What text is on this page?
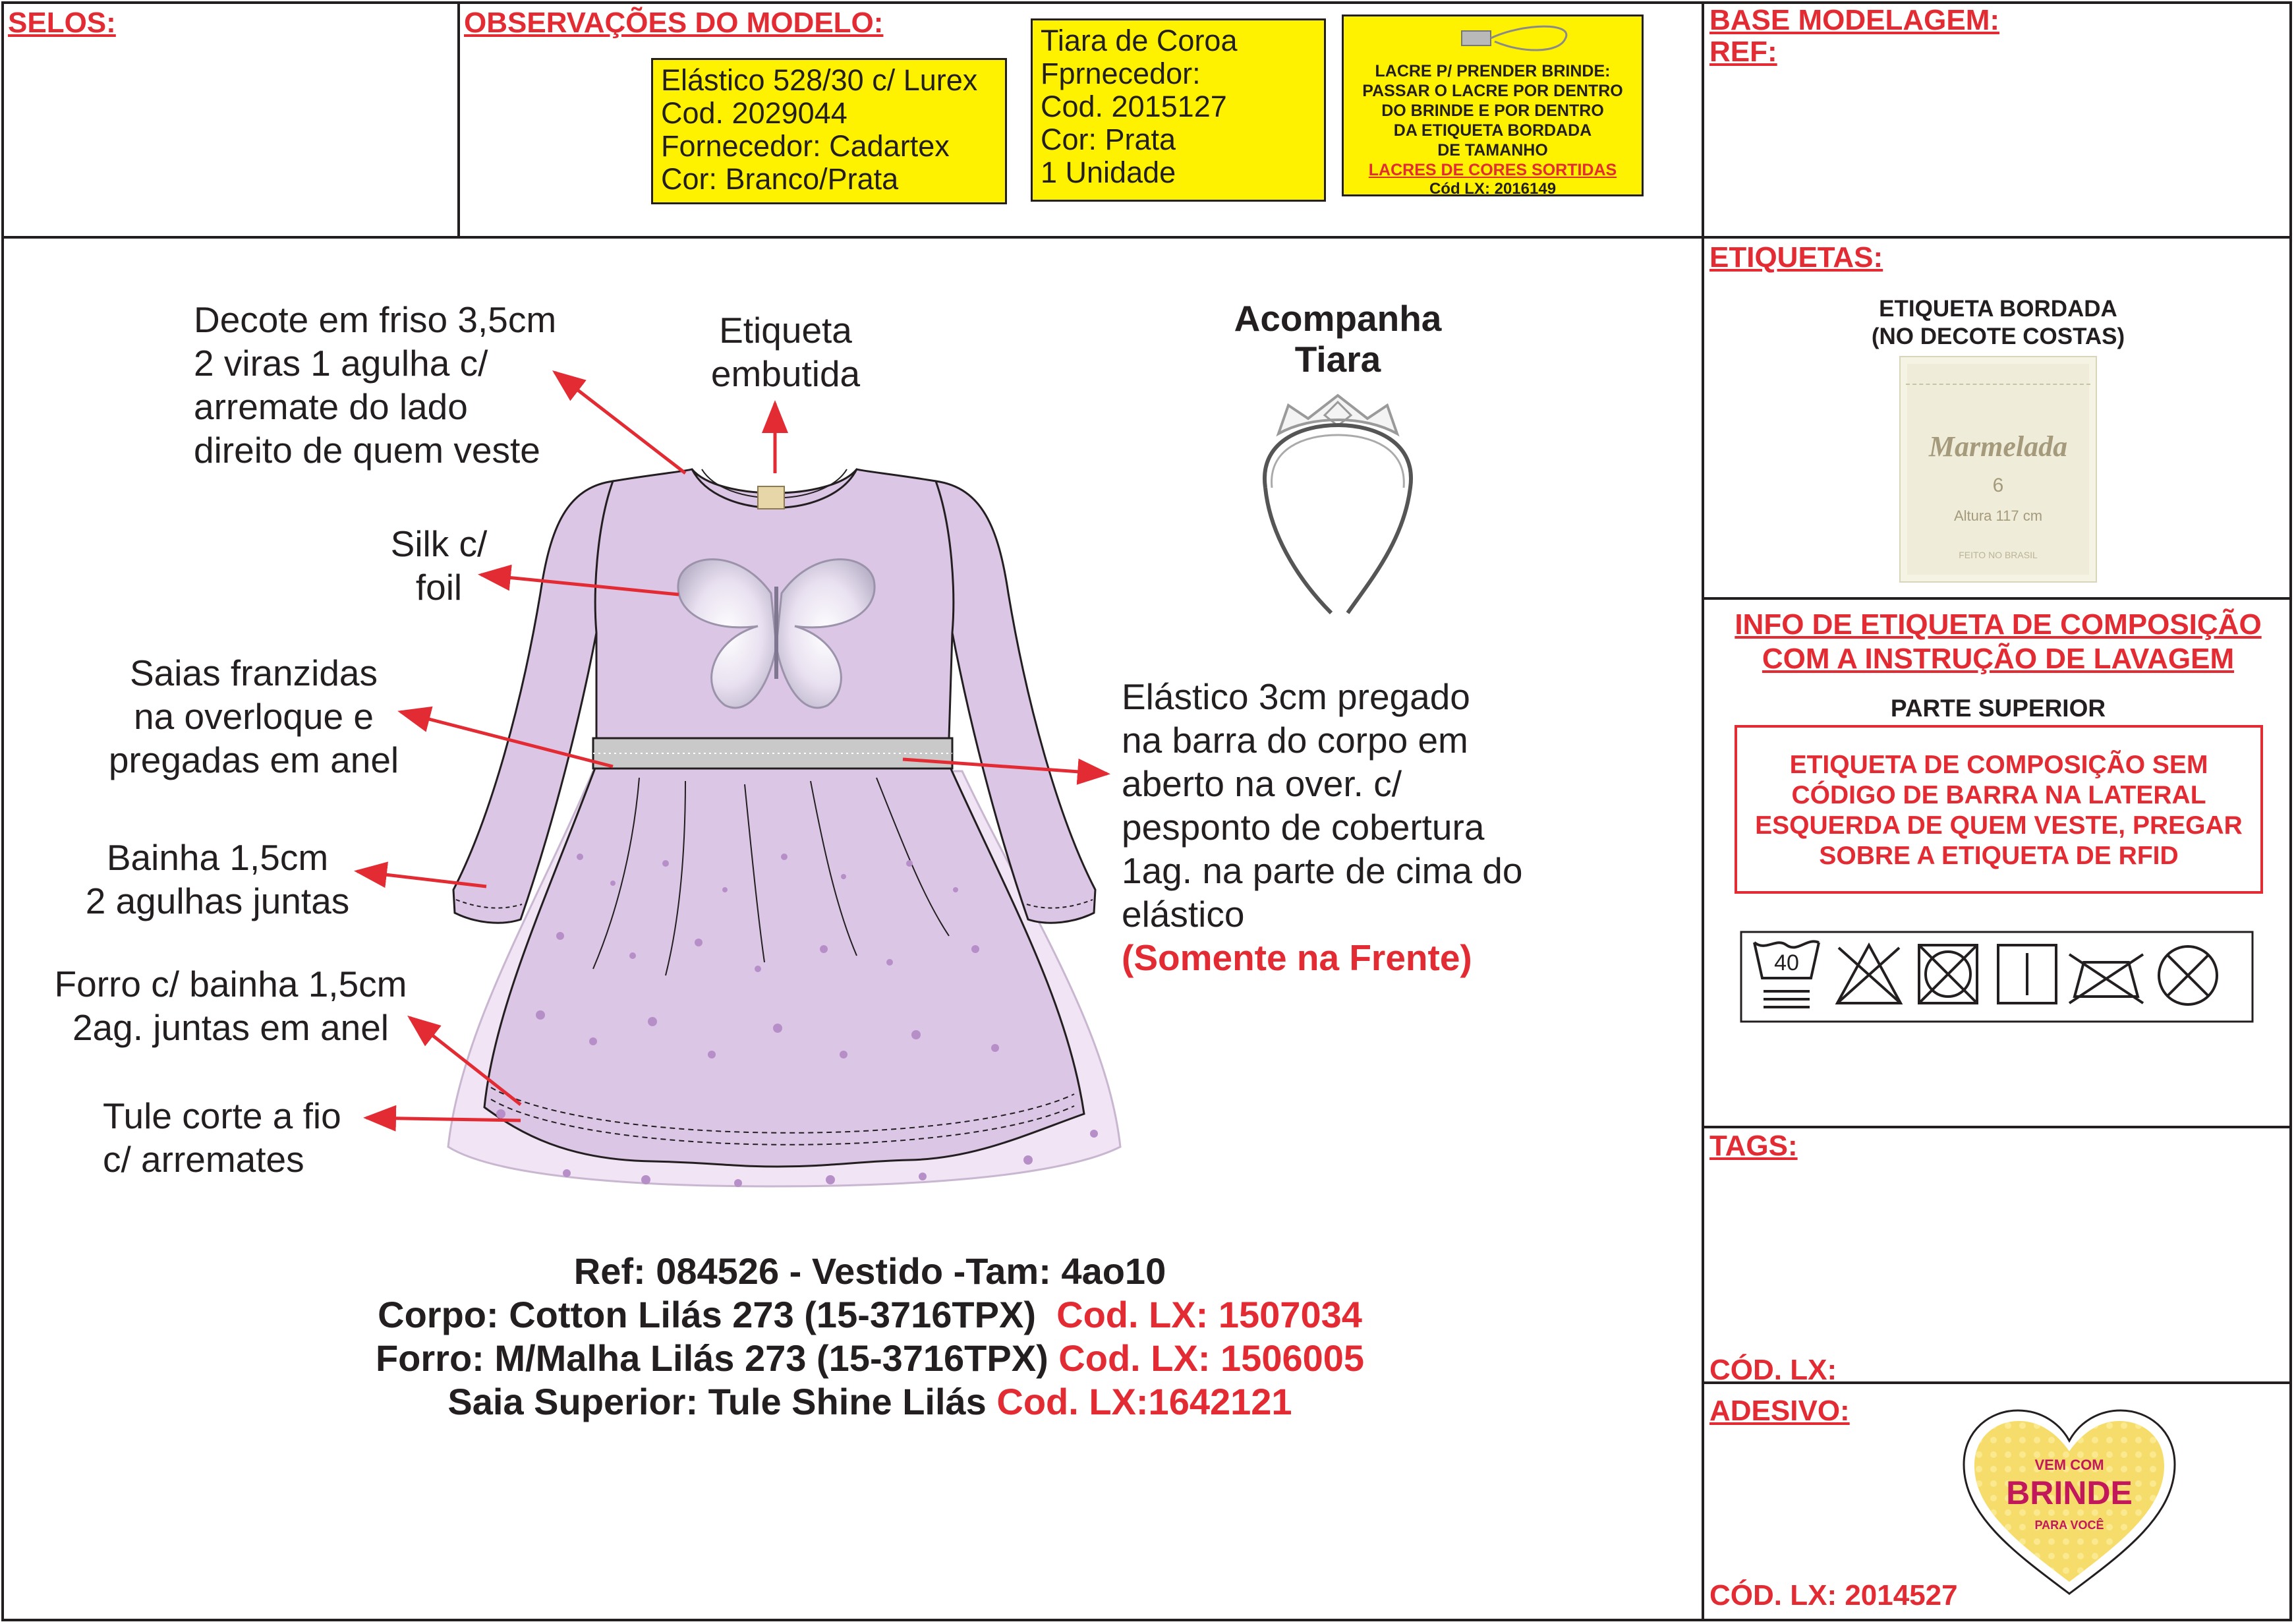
SELOS:	OBSERVAÇÕES DO MODELO:	BASE MODELAGEM:
REF:
Elástico 528/30 c/ Lurex
Cod. 2029044
Fornecedor: Cadartex
Cor: Branco/Prata
Tiara de Coroa
Fprnecedor:
Cod. 2015127
Cor: Prata
1 Unidade
LACRE P/ PRENDER BRINDE:
PASSAR O LACRE POR DENTRO
DO BRINDE E POR DENTRO
DA ETIQUETA BORDADA
DE TAMANHO
LACRES DE CORES SORTIDAS
Cód LX: 2016149
Decote em friso 3,5cm
2 viras 1 agulha c/
arremate do lado
direito de quem veste
Etiqueta
embutida
Silk c/
foil
Saias franzidas
na overloque e
pregadas em anel
Bainha 1,5cm
2 agulhas juntas
Forro c/ bainha 1,5cm
2ag. juntas em anel
Tule corte a fio
c/ arremates
Elástico 3cm pregado
na barra do corpo em
aberto na over. c/
pesponto de cobertura
1ag. na parte de cima do
elástico
(Somente na Frente)
Acompanha
Tiara
Ref: 084526 - Vestido -Tam: 4ao10
Corpo: Cotton Lilás 273 (15-3716TPX) Cod. LX: 1507034
Forro: M/Malha Lilás 273 (15-3716TPX) Cod. LX: 1506005
Saia Superior: Tule Shine Lilás Cod. LX:1642121
ETIQUETAS:
ETIQUETA BORDADA
(NO DECOTE COSTAS)
Marmelada
6
Altura 117 cm
FEITO NO BRASIL
INFO DE ETIQUETA DE COMPOSIÇÃO
COM A INSTRUÇÃO DE LAVAGEM
PARTE SUPERIOR
ETIQUETA DE COMPOSIÇÃO SEM
CÓDIGO DE BARRA NA LATERAL
ESQUERDA DE QUEM VESTE, PREGAR
SOBRE A ETIQUETA DE RFID
40
TAGS:
CÓD. LX:
ADESIVO:
CÓD. LX: 2014527
VEM COM
BRINDE
PARA VOCÊ
